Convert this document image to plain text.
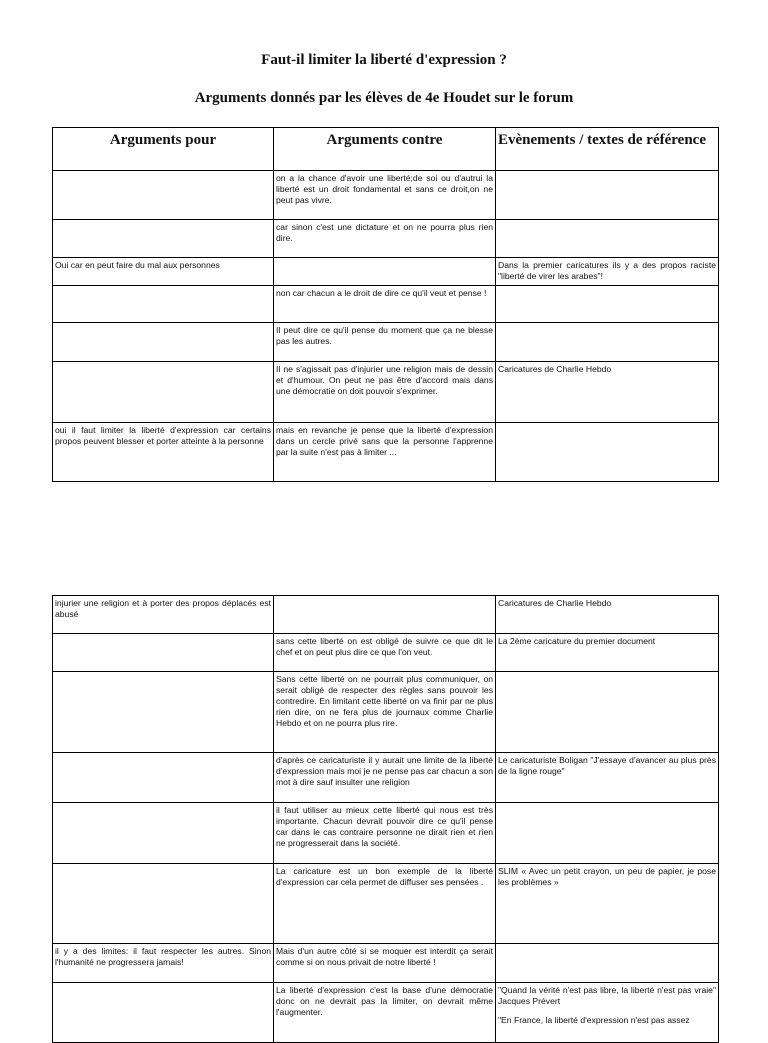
Faut-il limiter la liberté d'expression ?
Arguments donnés par les élèves de 4e Houdet sur le forum
Arguments pour	Arguments contre	Evènements / textes de référence
	on a la chance d'avoir une liberté;de soi ou d'autrui la liberté est un droit fondamental et sans ce droit,on ne peut pas vivre.	
	car sinon c'est une dictature et on ne pourra plus rien dire.	
Oui car en peut faire du mal aux personnes		Dans la premier caricatures ils y a des propos raciste "liberté de virer les arabes"!
	non car chacun a le droit de dire ce qu'il veut et pense !	
	Il peut dire ce qu'il pense du moment que ça ne blesse pas les autres.	
	Il ne s'agissait pas d'injurier une religion mais de dessin et d'humour. On peut ne pas être d'accord mais dans une démocratie on doit pouvoir s'exprimer.	Caricatures de Charlie Hebdo
oui il faut limiter la liberté d'expression car certains propos peuvent blesser et porter atteinte à la personne	mais en revanche je pense que la liberté d'expression dans un cercle privé sans que la personne l'apprenne par la suite n'est pas à limiter ...	
injurier une religion et à porter des propos déplacés est abusé		Caricatures de Charlie Hebdo
	sans cette liberté on est obligé de suivre ce que dit le chef et on peut plus dire ce que l'on veut.	La 2ème caricature du premier document
	Sans cette liberté on ne pourrait plus communiquer, on serait obligé de respecter des règles sans pouvoir les contredire. En limitant cette liberté on va finir par ne plus rien dire, on ne fera plus de journaux comme Charlie Hebdo et on ne pourra plus rire.	
	d'après ce caricaturiste il y aurait une limite de la liberté d'expression mais moi je ne pense pas car chacun a son mot à dire sauf insulter une religion	Le caricaturiste Boligan "J'essaye d'avancer au plus près de la ligne rouge"
	il faut utiliser au mieux cette liberté qui nous est très importante. Chacun devrait pouvoir dire ce qu'il pense car dans le cas contraire personne ne dirait rien et rien ne progresserait dans la société.	
	La caricature est un bon exemple de la liberté d'expression car cela permet de diffuser ses pensées .	SLIM « Avec un petit crayon, un peu de papier, je pose les problèmes »
il y a des limites: il faut respecter les autres. Sinon l'humanité ne progressera jamais!	Mais d'un autre côté si se moquer est interdit ça serait comme si on nous privait de notre liberté !	
	La liberté d'expression c'est la base d'une démocratie donc on ne devrait pas la limiter, on devrait même l'augmenter.	"Quand la vérité n'est pas libre, la liberté n'est pas vraie" Jacques Prévert
"En France, la liberté d'expression n'est pas assez
